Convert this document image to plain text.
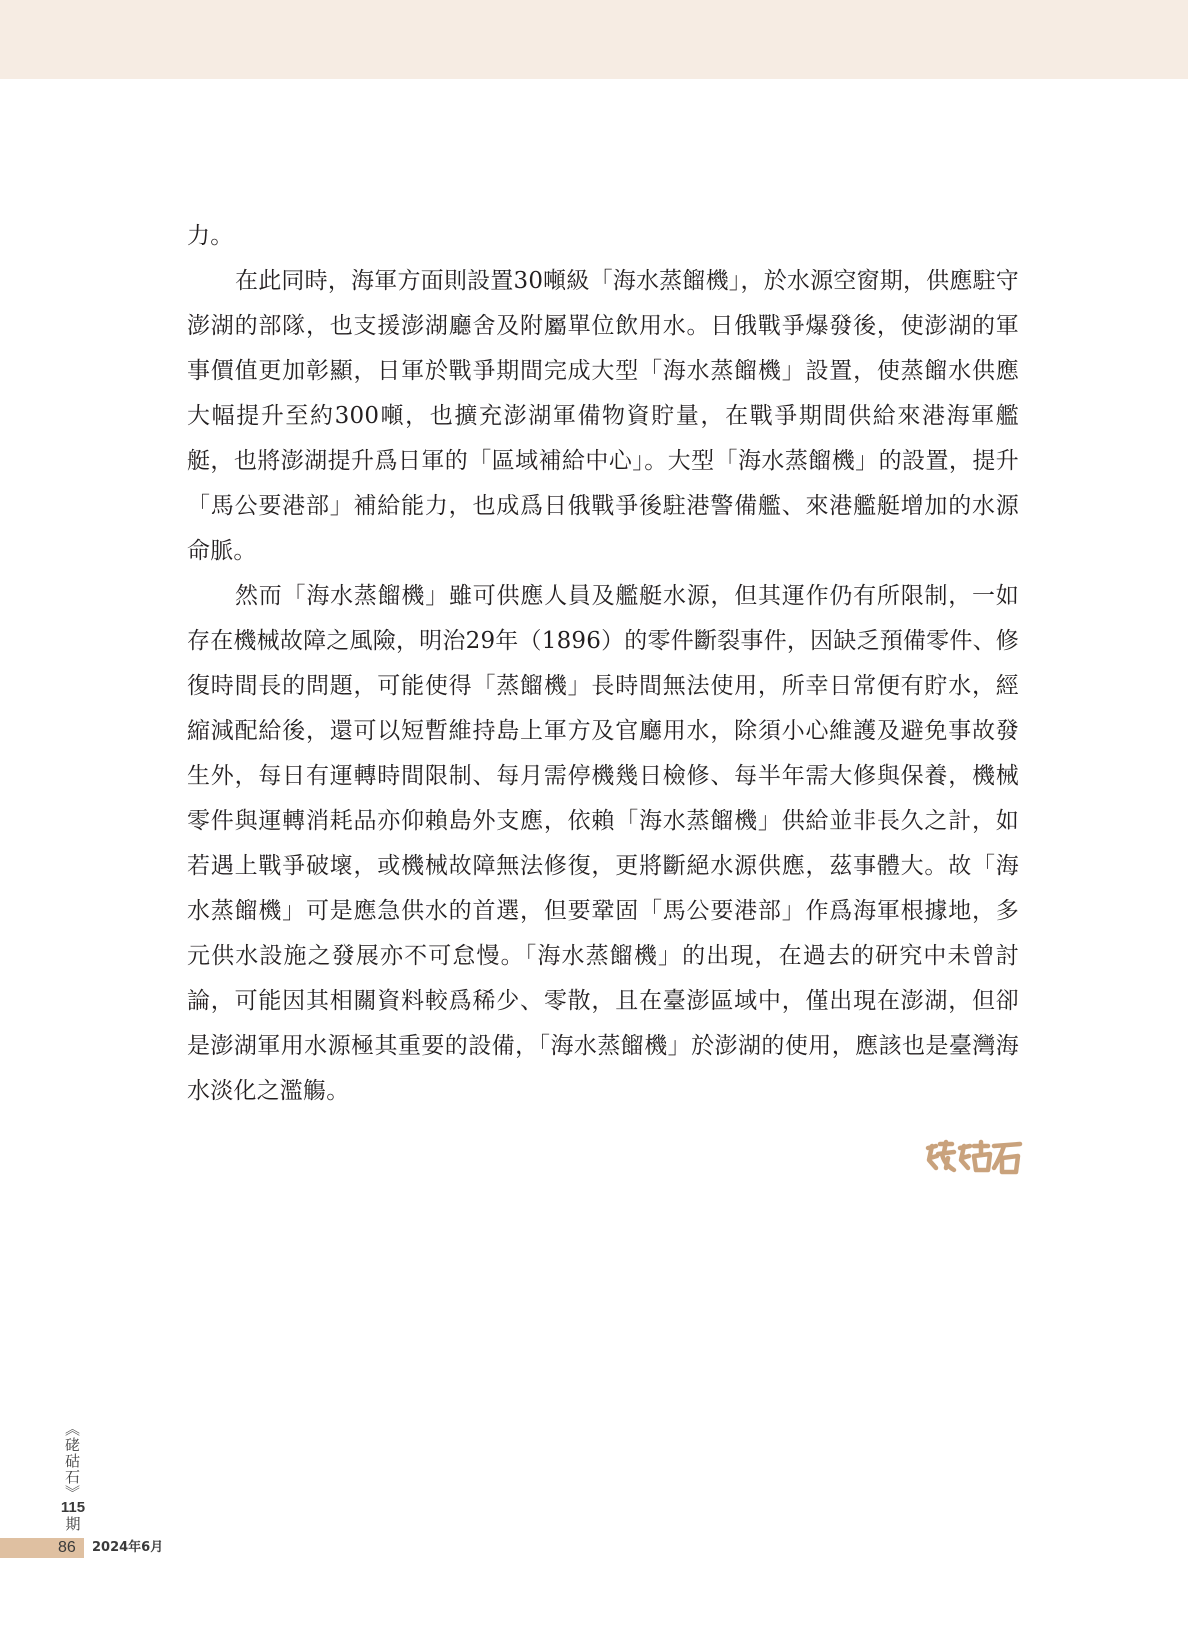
力。

在此同時，海軍方面則設置30噸級「海水蒸餾機」，於水源空窗期，供應駐守澎湖的部隊，也支援澎湖廳舍及附屬單位飲用水。日俄戰爭爆發後，使澎湖的軍事價值更加彰顯，日軍於戰爭期間完成大型「海水蒸餾機」設置，使蒸餾水供應大幅提升至約300噸，也擴充澎湖軍備物資貯量，在戰爭期間供給來港海軍艦艇，也將澎湖提升爲日軍的「區域補給中心」。大型「海水蒸餾機」的設置，提升「馬公要港部」補給能力，也成爲日俄戰爭後駐港警備艦、來港艦艇增加的水源命脈。

然而「海水蒸餾機」雖可供應人員及艦艇水源，但其運作仍有所限制，一如存在機械故障之風險，明治29年（1896）的零件斷裂事件，因缺乏預備零件、修復時間長的問題，可能使得「蒸餾機」長時間無法使用，所幸日常便有貯水，經縮減配給後，還可以短暫維持島上軍方及官廳用水，除須小心維護及避免事故發生外，每日有運轉時間限制、每月需停機幾日檢修、每半年需大修與保養，機械零件與運轉消耗品亦仰賴島外支應，依賴「海水蒸餾機」供給並非長久之計，如若遇上戰爭破壞，或機械故障無法修復，更將斷絕水源供應，茲事體大。故「海水蒸餾機」可是應急供水的首選，但要鞏固「馬公要港部」作爲海軍根據地，多元供水設施之發展亦不可怠慢。「海水蒸餾機」的出現，在過去的研究中未曾討論，可能因其相關資料較爲稀少、零散，且在臺澎區域中，僅出現在澎湖，但卻是澎湖軍用水源極其重要的設備，「海水蒸餾機」於澎湖的使用，應該也是臺灣海水淡化之濫觴。

《硓𥑮石》
115
期
86	2024年6月
